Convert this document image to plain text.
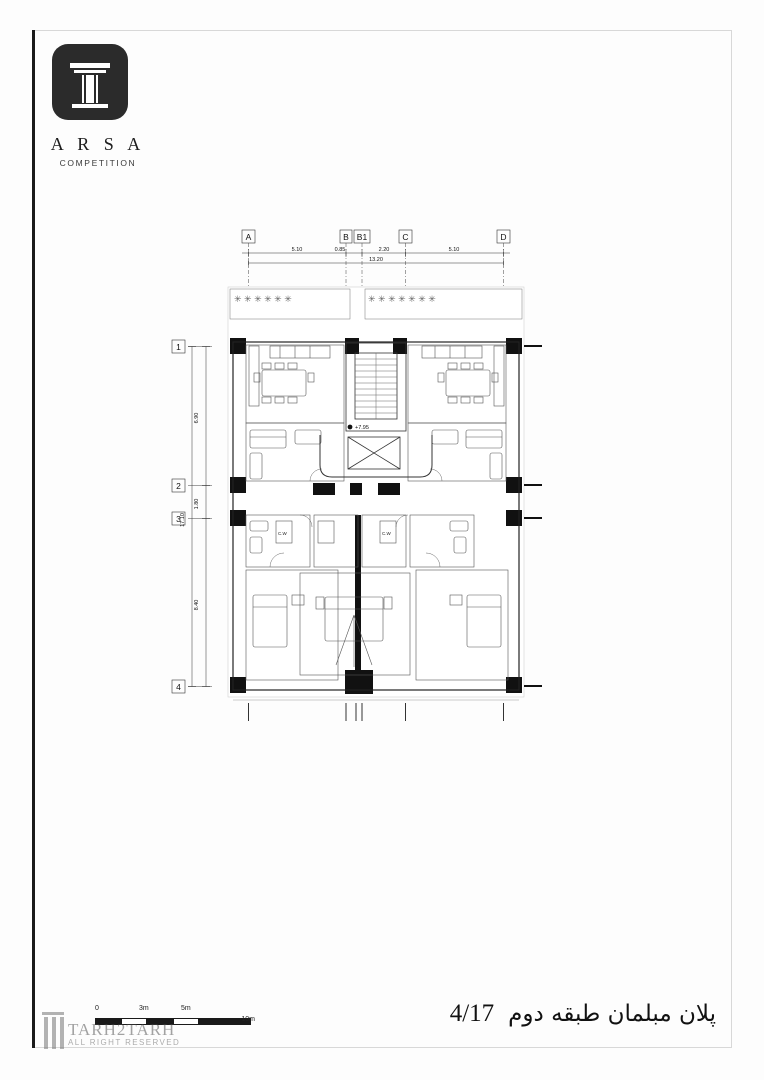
A R S A
COMPETITION
A	B B1	C	D
5.10	0.85	2.20	5.10
13.20
1
2
3
4
6.90
1.80
8.40
17.10
✳ ✳ ✳ ✳ ✳ ✳	✳ ✳ ✳ ✳ ✳ ✳ ✳
+7.95
C.W	C.W
4/17 پلان مبلمان طبقه دوم
0	3m	5m
10m
TARH2TARH
ALL RIGHT RESERVED
